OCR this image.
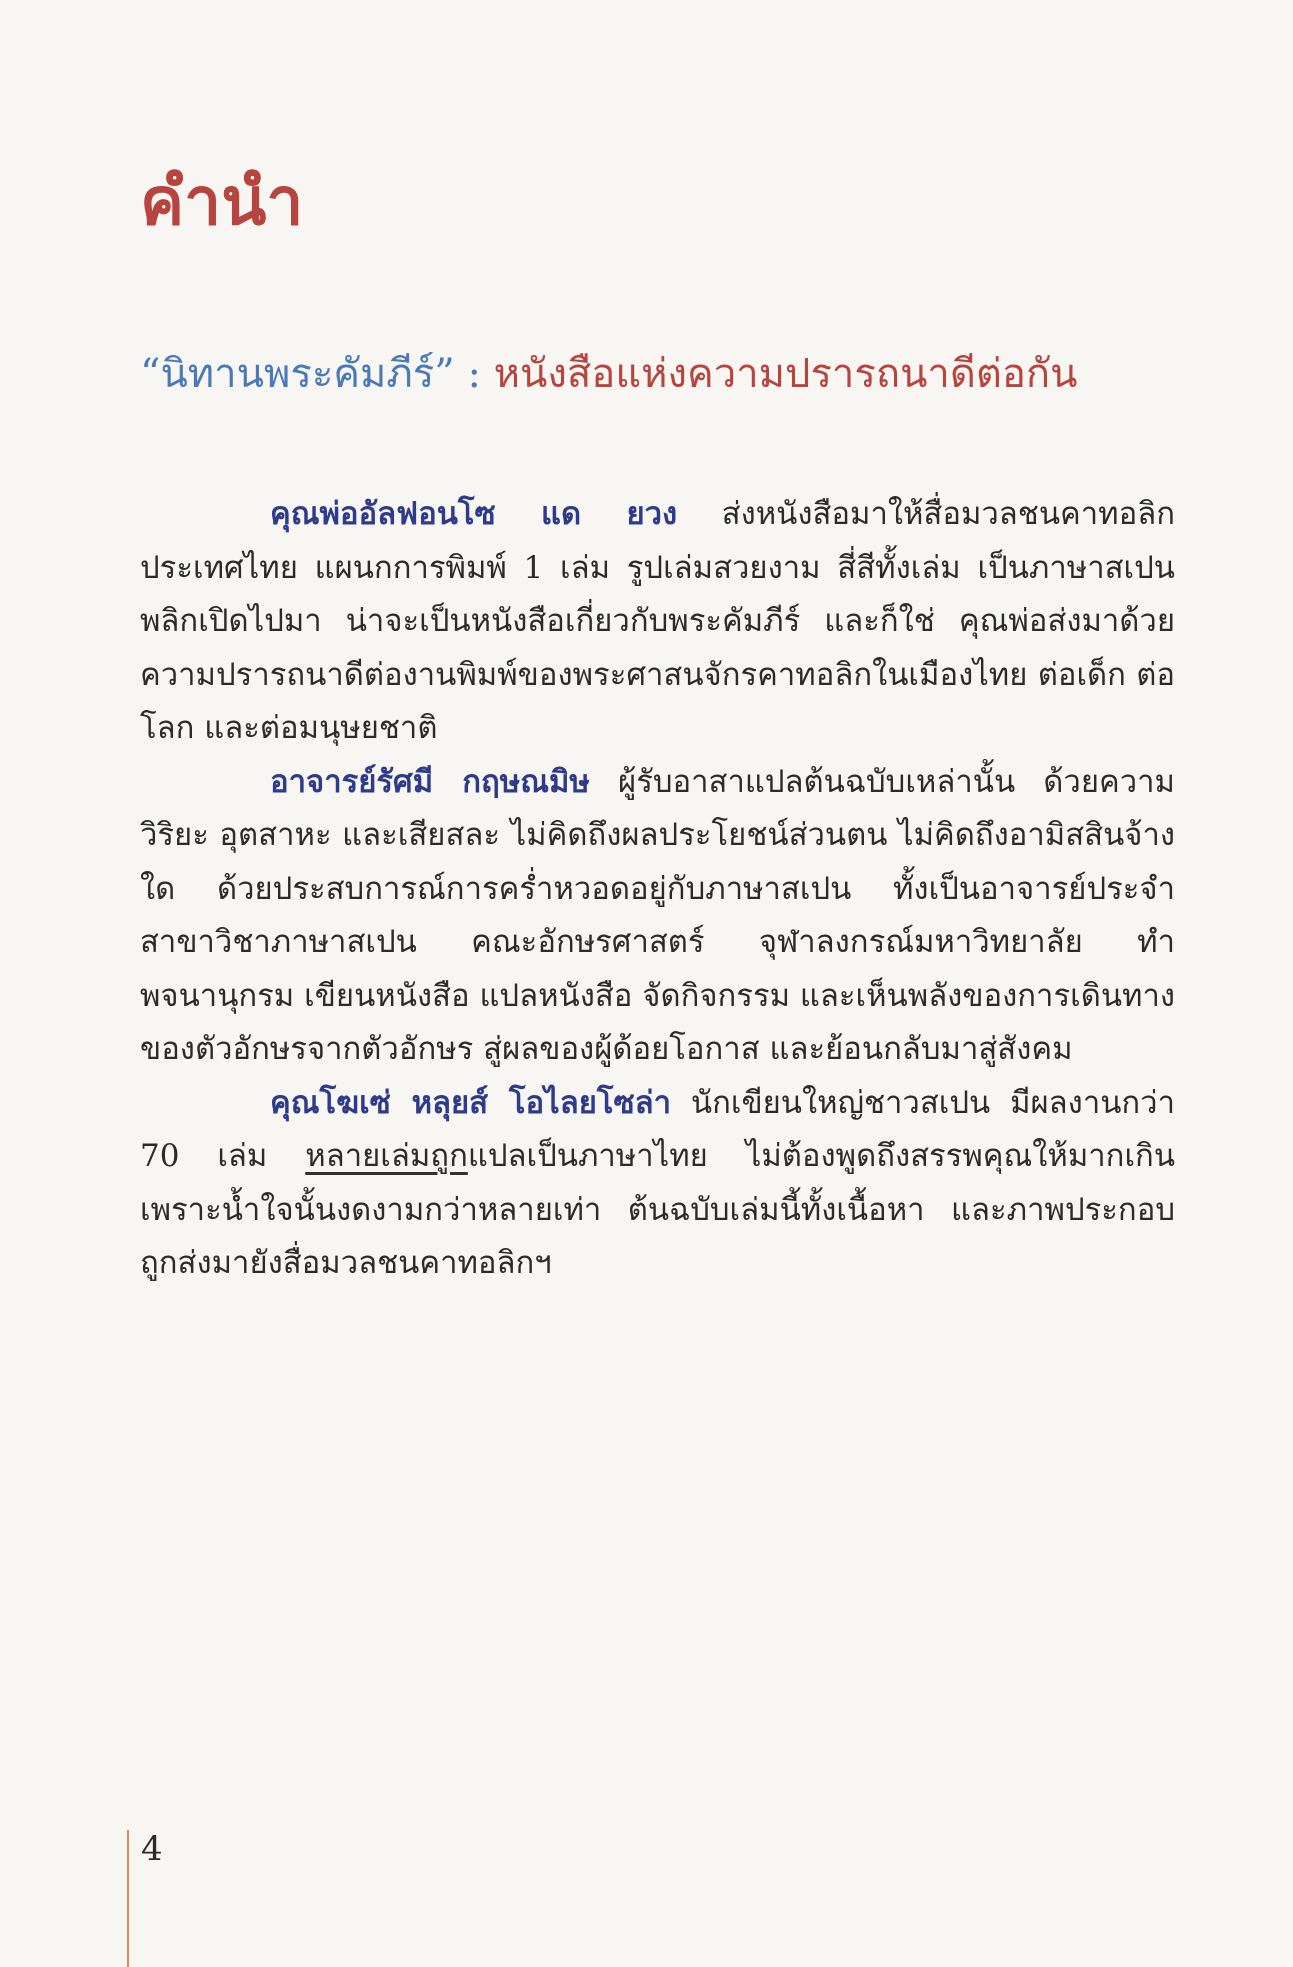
คำนำ
“นิทานพระคัมภีร์” : หนังสือแห่งความปรารถนาดีต่อกัน

คุณพ่ออัลฟอนโซ แด ยวง ส่งหนังสือมาให้สื่อมวลชนคาทอลิกประเทศไทย แผนกการพิมพ์ 1 เล่ม รูปเล่มสวยงาม สี่สีทั้งเล่ม เป็นภาษาสเปน พลิกเปิดไปมา น่าจะเป็นหนังสือเกี่ยวกับพระคัมภีร์ และก็ใช่ คุณพ่อส่งมาด้วยความปรารถนาดีต่องานพิมพ์ของพระศาสนจักรคาทอลิกในเมืองไทย ต่อเด็ก ต่อโลก และต่อมนุษยชาติ

อาจารย์รัศมี กฤษณมิษ ผู้รับอาสาแปลต้นฉบับเหล่านั้น ด้วยความวิริยะ อุตสาหะ และเสียสละ ไม่คิดถึงผลประโยชน์ส่วนตน ไม่คิดถึงอามิสสินจ้างใด ด้วยประสบการณ์การคร่ำหวอดอยู่กับภาษาสเปน ทั้งเป็นอาจารย์ประจำสาขาวิชาภาษาสเปน คณะอักษรศาสตร์ จุฬาลงกรณ์มหาวิทยาลัย ทำพจนานุกรม เขียนหนังสือ แปลหนังสือ จัดกิจกรรม และเห็นพลังของการเดินทางของตัวอักษรจากตัวอักษร สู่ผลของผู้ด้อยโอกาส และย้อนกลับมาสู่สังคม

คุณโฆเซ่ หลุยส์ โอไลยโซล่า นักเขียนใหญ่ชาวสเปน มีผลงานกว่า 70 เล่ม หลายเล่มถูกแปลเป็นภาษาไทย ไม่ต้องพูดถึงสรรพคุณให้มากเกิน เพราะน้ำใจนั้นงดงามกว่าหลายเท่า ต้นฉบับเล่มนี้ทั้งเนื้อหา และภาพประกอบ ถูกส่งมายังสื่อมวลชนคาทอลิกฯ

4
